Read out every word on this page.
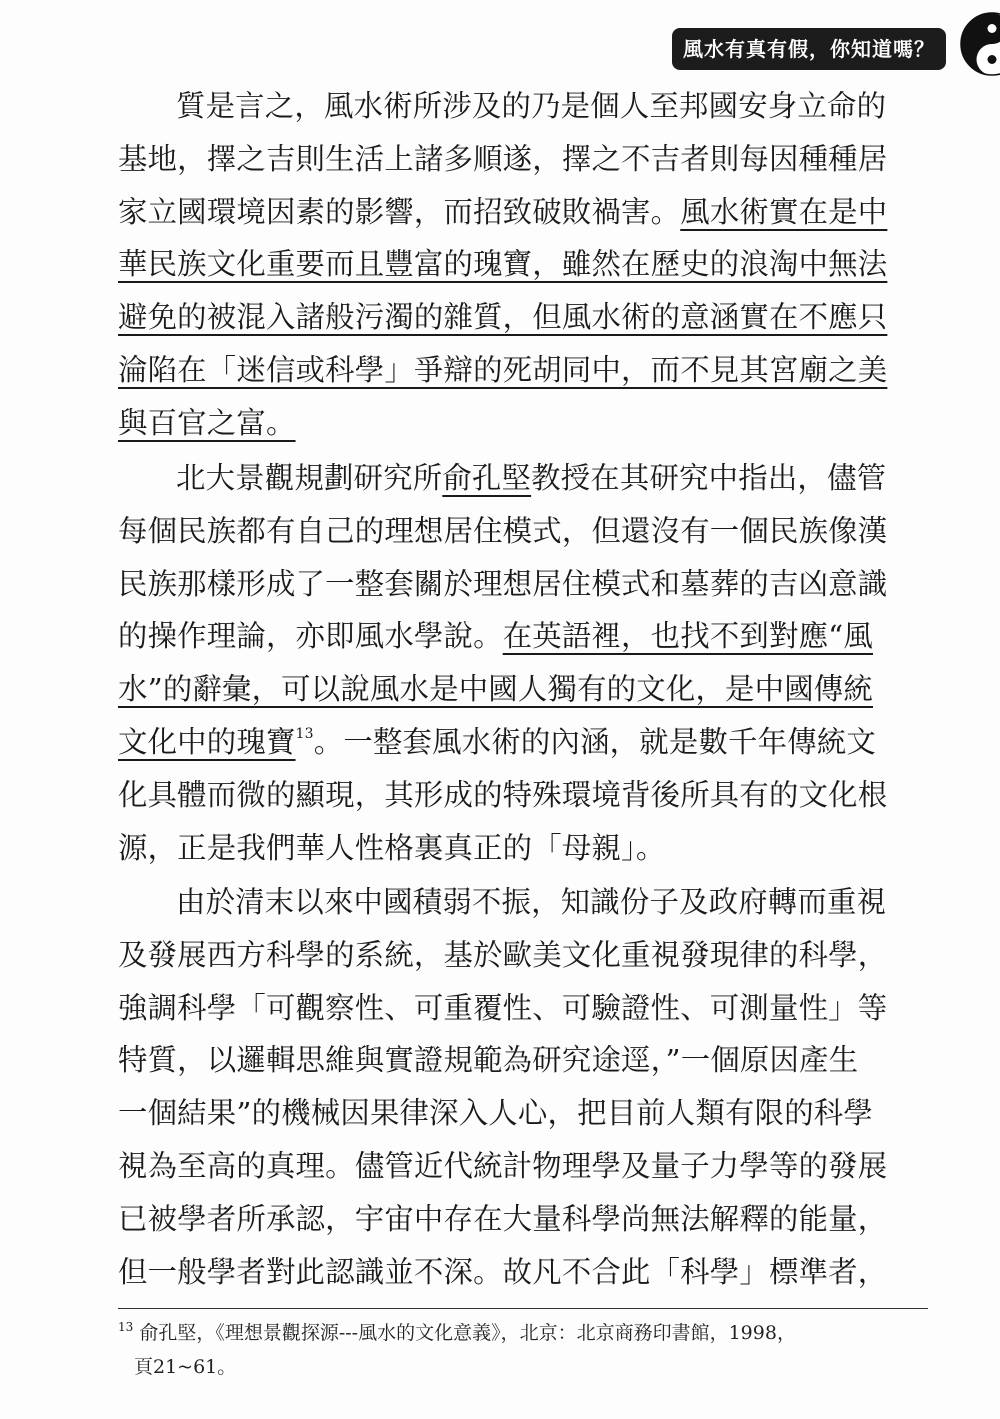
風水有真有假，你知道嗎？
質是言之，風水術所涉及的乃是個人至邦國安身立命的
基地，擇之吉則生活上諸多順遂，擇之不吉者則每因種種居
家立國環境因素的影響，而招致破敗禍害。風水術實在是中
華民族文化重要而且豐富的瑰寶，雖然在歷史的浪淘中無法
避免的被混入諸般污濁的雜質，但風水術的意涵實在不應只
淪陷在「迷信或科學」爭辯的死胡同中，而不見其宮廟之美
與百官之富。
北大景觀規劃研究所俞孔堅教授在其研究中指出，儘管
每個民族都有自己的理想居住模式，但還沒有一個民族像漢
民族那樣形成了一整套關於理想居住模式和墓葬的吉凶意識
的操作理論，亦即風水學說。在英語裡，也找不到對應“風
水”的辭彙，可以說風水是中國人獨有的文化，是中國傳統
文化中的瑰寶$^{13}$。一整套風水術的內涵，就是數千年傳統文
化具體而微的顯現，其形成的特殊環境背後所具有的文化根
源，正是我們華人性格裏真正的「母親」。
由於清末以來中國積弱不振，知識份子及政府轉而重視
及發展西方科學的系統，基於歐美文化重視發現律的科學，
強調科學「可觀察性、可重覆性、可驗證性、可測量性」等
特質，以邏輯思維與實證規範為研究途逕，”一個原因產生
一個結果”的機械因果律深入人心，把目前人類有限的科學
視為至高的真理。儘管近代統計物理學及量子力學等的發展
已被學者所承認，宇宙中存在大量科學尚無法解釋的能量，
但一般學者對此認識並不深。故凡不合此「科學」標準者，
$^{13}$ 俞孔堅，《理想景觀探源---風水的文化意義》，北京：北京商務印書館，1998，
頁21~61。
